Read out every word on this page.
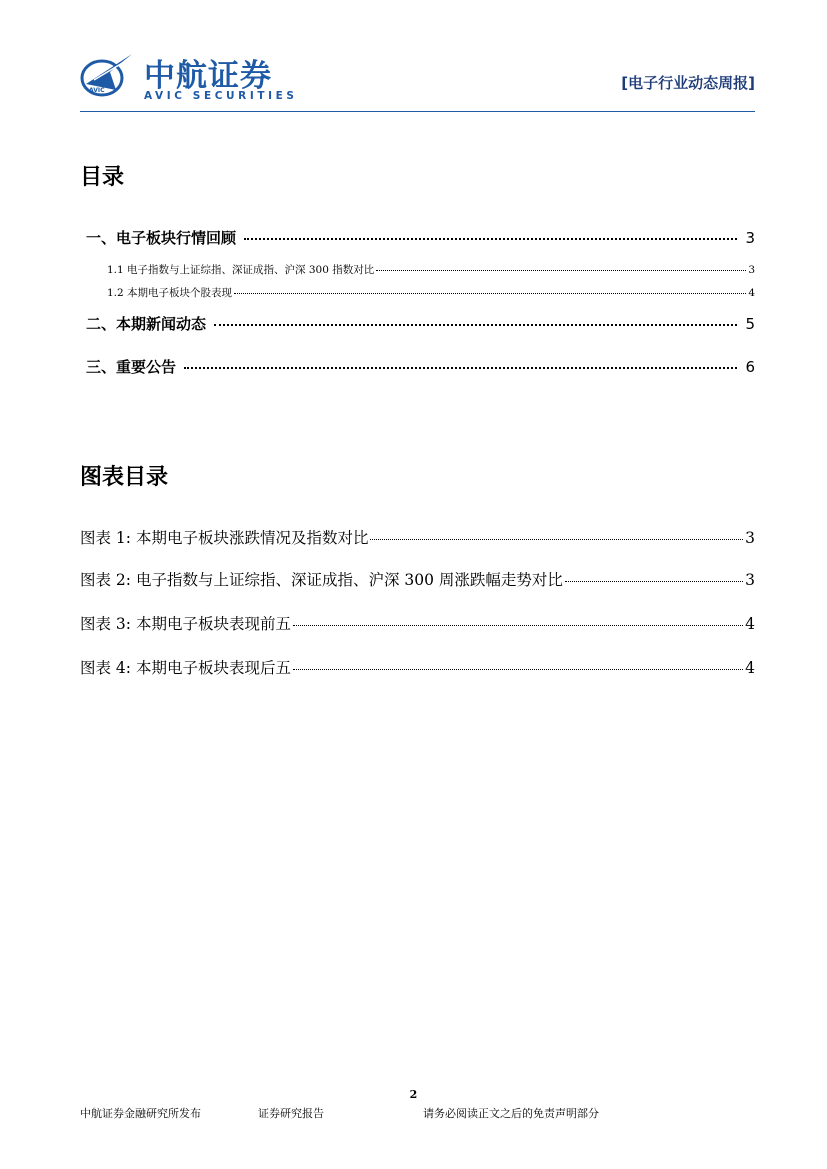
AVIC 中航证券
AVIC SECURITIES
[电子行业动态周报]
目录
一、电子板块行情回顾	3
1.1 电子指数与上证综指、深证成指、沪深 300 指数对比	3
1.2 本期电子板块个股表现	4
二、本期新闻动态	5
三、重要公告	6
图表目录
图表 1: 本期电子板块涨跌情况及指数对比	3
图表 2: 电子指数与上证综指、深证成指、沪深 300 周涨跌幅走势对比	3
图表 3: 本期电子板块表现前五	4
图表 4: 本期电子板块表现后五	4
2
中航证券金融研究所发布	证券研究报告	请务必阅读正文之后的免责声明部分
